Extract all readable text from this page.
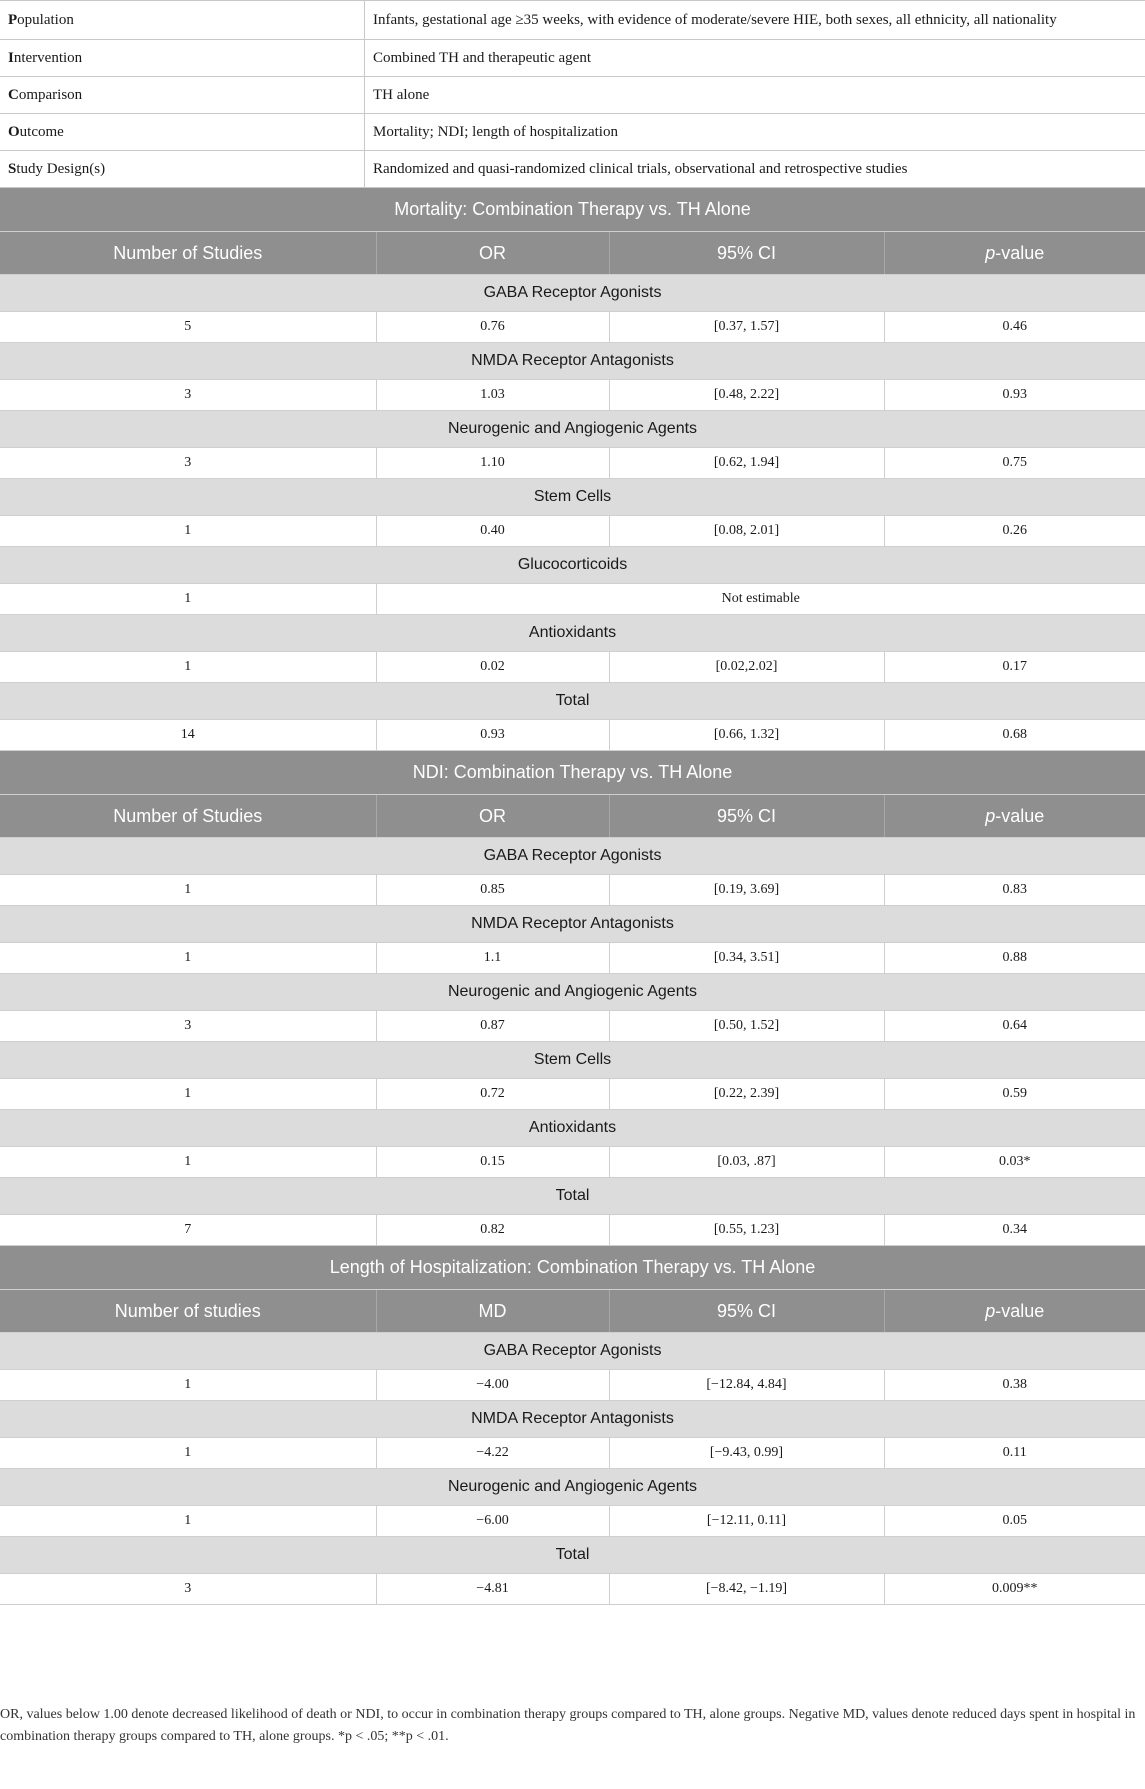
Population	Infants, gestational age ≥35 weeks, with evidence of moderate/severe HIE, both sexes, all ethnicity, all nationality
Intervention	Combined TH and therapeutic agent
Comparison	TH alone
Outcome	Mortality; NDI; length of hospitalization
Study Design(s)	Randomized and quasi-randomized clinical trials, observational and retrospective studies
Mortality: Combination Therapy vs. TH Alone			
Number of Studies	OR	95% CI	p-value
GABA Receptor Agonists			
5	0.76	[0.37, 1.57]	0.46
NMDA Receptor Antagonists			
3	1.03	[0.48, 2.22]	0.93
Neurogenic and Angiogenic Agents			
3	1.10	[0.62, 1.94]	0.75
Stem Cells			
1	0.40	[0.08, 2.01]	0.26
Glucocorticoids			
1	Not estimable		
Antioxidants			
1	0.02	[0.02,2.02]	0.17
Total			
14	0.93	[0.66, 1.32]	0.68
NDI: Combination Therapy vs. TH Alone			
Number of Studies	OR	95% CI	p-value
GABA Receptor Agonists			
1	0.85	[0.19, 3.69]	0.83
NMDA Receptor Antagonists			
1	1.1	[0.34, 3.51]	0.88
Neurogenic and Angiogenic Agents			
3	0.87	[0.50, 1.52]	0.64
Stem Cells			
1	0.72	[0.22, 2.39]	0.59
Antioxidants			
1	0.15	[0.03, .87]	0.03*
Total			
7	0.82	[0.55, 1.23]	0.34
Length of Hospitalization: Combination Therapy vs. TH Alone			
Number of studies	MD	95% CI	p-value
GABA Receptor Agonists			
1	−4.00	[−12.84, 4.84]	0.38
NMDA Receptor Antagonists			
1	−4.22	[−9.43, 0.99]	0.11
Neurogenic and Angiogenic Agents			
1	−6.00	[−12.11, 0.11]	0.05
Total			
3	−4.81	[−8.42, −1.19]	0.009**
OR, values below 1.00 denote decreased likelihood of death or NDI, to occur in combination therapy groups compared to TH, alone groups. Negative MD, values denote reduced days spent in hospital in combination therapy groups compared to TH, alone groups. *p < .05; **p < .01.
